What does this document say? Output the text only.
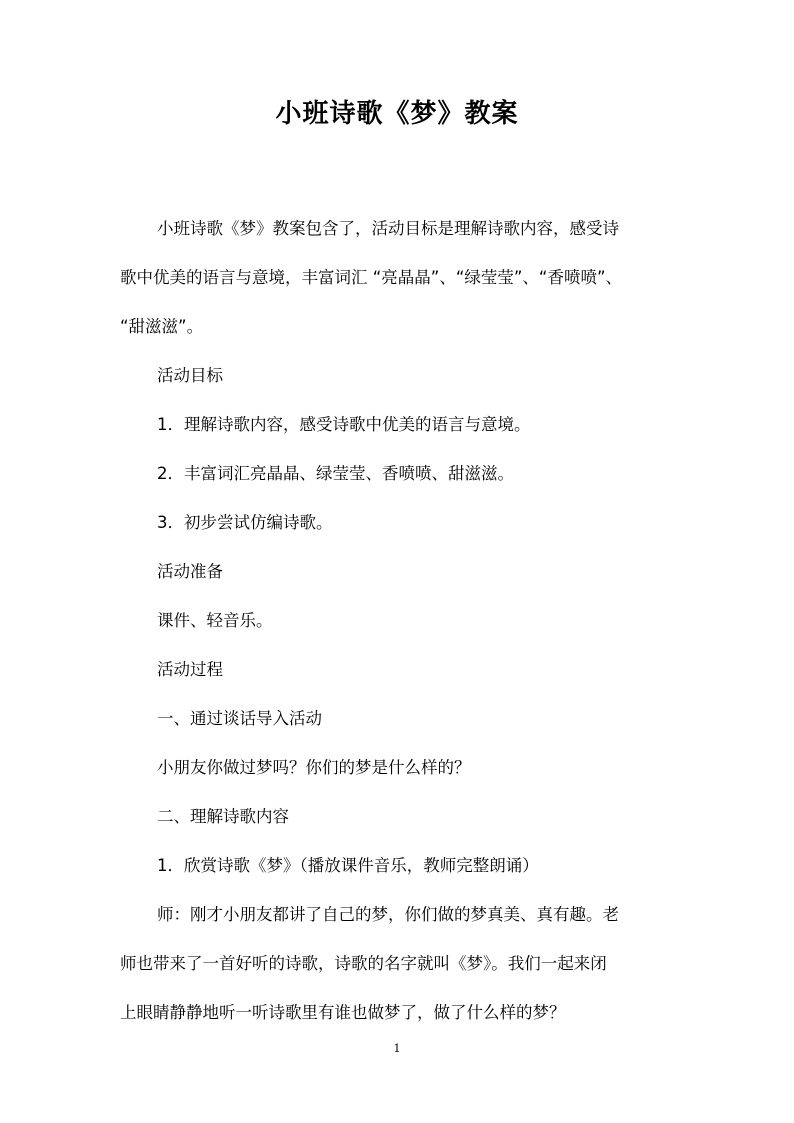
小班诗歌《梦》教案

小班诗歌《梦》教案包含了，活动目标是理解诗歌内容，感受诗

歌中优美的语言与意境，丰富词汇 “亮晶晶”、“绿莹莹”、“香喷喷”、

“甜滋滋”。

活动目标

1．理解诗歌内容，感受诗歌中优美的语言与意境。

2．丰富词汇亮晶晶、绿莹莹、香喷喷、甜滋滋。

3．初步尝试仿编诗歌。

活动准备

课件、轻音乐。

活动过程

一、通过谈话导入活动

小朋友你做过梦吗？你们的梦是什么样的？

二、理解诗歌内容

1．欣赏诗歌《梦》（播放课件音乐，教师完整朗诵）

师：刚才小朋友都讲了自己的梦，你们做的梦真美、真有趣。老

师也带来了一首好听的诗歌，诗歌的名字就叫《梦》。我们一起来闭

上眼睛静静地听一听诗歌里有谁也做梦了，做了什么样的梦？

1
